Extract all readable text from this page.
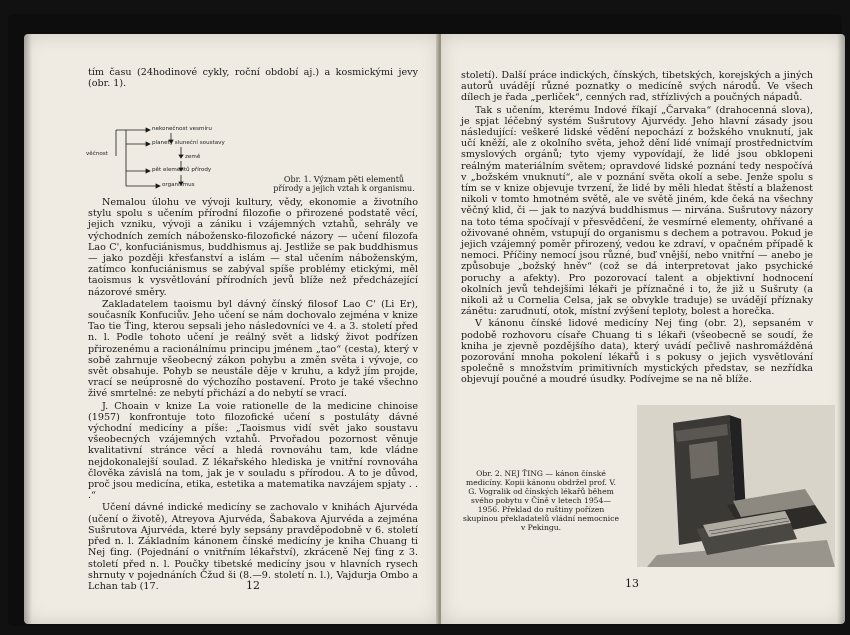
tím času (24hodinové cykly, roční období aj.) a kosmickými jevy (obr. 1).

věčnost
nekonečnost vesmíru
planety sluneční soustavy
země
pět elementů přírody
organismus
Obr. 1. Význam pěti elementů přírody a jejich vztah k organismu.

Nemalou úlohu ve vývoji kultury, vědy, ekonomie a životního stylu spolu s učením přírodní filozofie o přirozené podstatě věcí, jejich vzniku, vývoji a zániku i vzájemných vztahů, sehrály ve východních zemích nábožensko-filozofické názory — učení filozofa Lao C', konfuciánismus, buddhismus aj. Jestliže se pak buddhismus — jako později křesťanství a islám — stal učením náboženským, zatímco konfuciánismus se zabýval spíše problémy etickými, měl taoismus k vysvětlování přírodních jevů blíže než předcházející názorové směry.

Zakladatelem taoismu byl dávný čínský filosof Lao C' (Li Er), současník Konfuciův. Jeho učení se nám dochovalo zejména v knize Tao tie Ťing, kterou sepsali jeho následovníci ve 4. a 3. století před n. l. Podle tohoto učení je reálný svět a lidský život podřízen přirozenému a racionálnímu principu jménem „tao“ (cesta), který v sobě zahrnuje všeobecný zákon pohybu a změn světa i vývoje, co svět obsahuje. Pohyb se neustále děje v kruhu, a když jím projde, vrací se neúprosně do výchozího postavení. Proto je také všechno živé smrtelné: ze nebytí přichází a do nebytí se vrací.

J. Choain v knize La voie rationelle de la medicine chinoise (1957) konfrontuje toto filozofické učení s postuláty dávné východní medicíny a píše: „Taoismus vidí svět jako soustavu všeobecných vzájemných vztahů. Prvořadou pozornost věnuje kvalitativní stránce věcí a hledá rovnováhu tam, kde vládne nejdokonalejší soulad. Z lékařského hlediska je vnitřní rovnováha člověka závislá na tom, jak je v souladu s přírodou. A to je důvod, proč jsou medicína, etika, estetika a matematika navzájem spjaty . . .“

Učení dávné indické medicíny se zachovalo v knihách Ajurvéda (učení o životě), Atreyova Ajurvéda, Šabakova Ajurvéda a zejména Sušrutova Ajurvéda, které byly sepsány pravděpodobně v 6. století před n. l. Základním kánonem čínské medicíny je kniha Chuang ti Nej ťing. (Pojednání o vnitřním lékařství), zkráceně Nej ťing z 3. století před n. l. Poučky tibetské medicíny jsou v hlavních rysech shrnuty v pojednáních Čžud ši (8.—9. století n. l.), Vajdurja Ombo a Lchan tab (17.	12

století). Další práce indických, čínských, tibetských, korejských a jiných autorů uvádějí různé poznatky o medicíně svých národů. Ve všech dílech je řada „perliček“, cenných rad, střízlivých a poučných nápadů.

Tak s učením, kterému Indové říkají „Čarvaka“ (drahocenná slova), je spjat léčebný systém Sušrutovy Ajurvédy. Jeho hlavní zásady jsou následující: veškeré lidské vědění nepochází z božského vnuknutí, jak učí kněží, ale z okolního světa, jehož dění lidé vnímají prostřednictvím smyslových orgánů; tyto vjemy vypovídají, že lidé jsou obklopeni reálným materiálním světem; opravdové lidské poznání tedy nespočívá v „božském vnuknutí“, ale v poznání světa okolí a sebe. Jenže spolu s tím se v knize objevuje tvrzení, že lidé by měli hledat štěstí a blaženost nikoli v tomto hmotném světě, ale ve světě jiném, kde čeká na všechny věčný klid, či — jak to nazývá buddhismus — nirvána. Sušrutovy názory na toto téma spočívají v přesvědčení, že vesmírné elementy, ohřívané a oživované ohněm, vstupují do organismu s dechem a potravou. Pokud je jejich vzájemný poměr přirozený, vedou ke zdraví, v opačném případě k nemoci. Příčiny nemocí jsou různé, buď vnější, nebo vnitřní — anebo je způsobuje „božský hněv“ (což se dá interpretovat jako psychické poruchy a afekty). Pro pozorovací talent a objektivní hodnocení okolních jevů tehdejšími lékaři je příznačné i to, že již u Sušruty (a nikoli až u Cornelia Celsa, jak se obvykle traduje) se uvádějí příznaky zánětu: zarudnutí, otok, místní zvýšení teploty, bolest a horečka.

V kánonu čínské lidové medicíny Nej ťing (obr. 2), sepsaném v podobě rozhovoru císaře Chuang ti s lékaři (všeobecně se soudí, že kniha je zjevně pozdějšího data), který uvádí pečlivě nashromážděná pozorování mnoha pokolení lékařů i s pokusy o jejich vysvětlování společně s množstvím primitivních mystických představ, se nezřídka objevují poučné a moudré úsudky. Podívejme se na ně blíže.

Obr. 2. NEJ ŤING — kánon čínské medicíny. Kopii kánonu obdržel prof. V. G. Vogralik od čínských lékařů během svého pobytu v Číně v letech 1954—1956. Překlad do ruštiny pořízen skupinou překladatelů vládní nemocnice v Pekingu.
13
